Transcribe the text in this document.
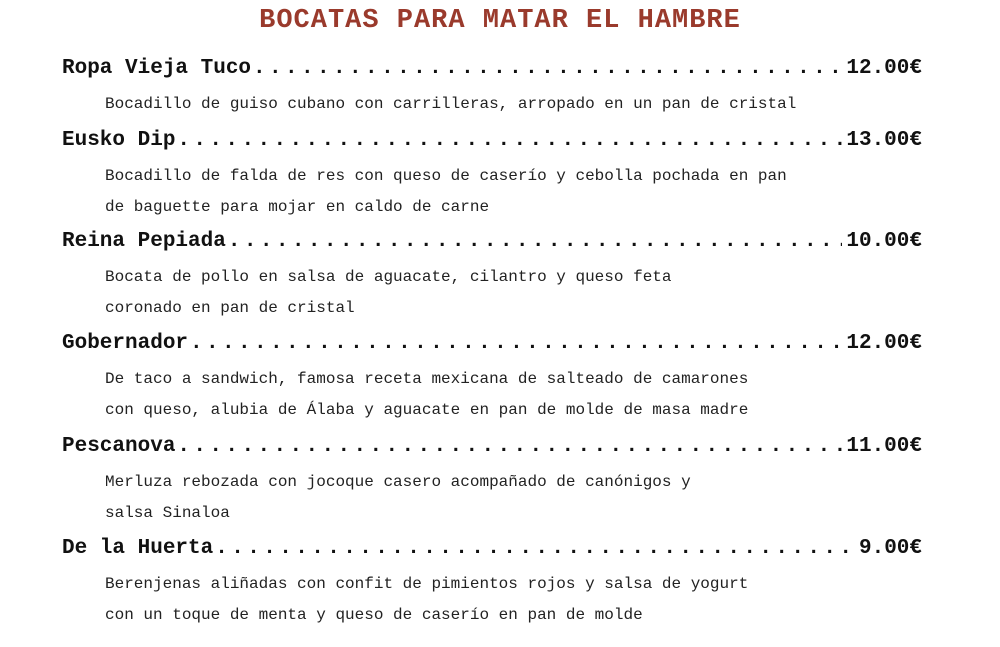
BOCATAS PARA MATAR EL HAMBRE
Ropa Vieja Tuco . . .	12.00€
Bocadillo de guiso cubano con carrilleras, arropado en un pan de cristal
Eusko Dip . . .	13.00€
Bocadillo de falda de res con queso de caserío y cebolla pochada en pan
de baguette para mojar en caldo de carne
Reina Pepiada . . .	10.00€
Bocata de pollo en salsa de aguacate, cilantro y queso feta
coronado en pan de cristal
Gobernador . . .	12.00€
De taco a sandwich, famosa receta mexicana de salteado de camarones
con queso, alubia de Álaba y aguacate en pan de molde de masa madre
Pescanova . . .	11.00€
Merluza rebozada con jocoque casero acompañado de canónigos y
salsa Sinaloa
De la Huerta . . .	9.00€
Berenjenas aliñadas con confit de pimientos rojos y salsa de yogurt
con un toque de menta y queso de caserío en pan de molde
